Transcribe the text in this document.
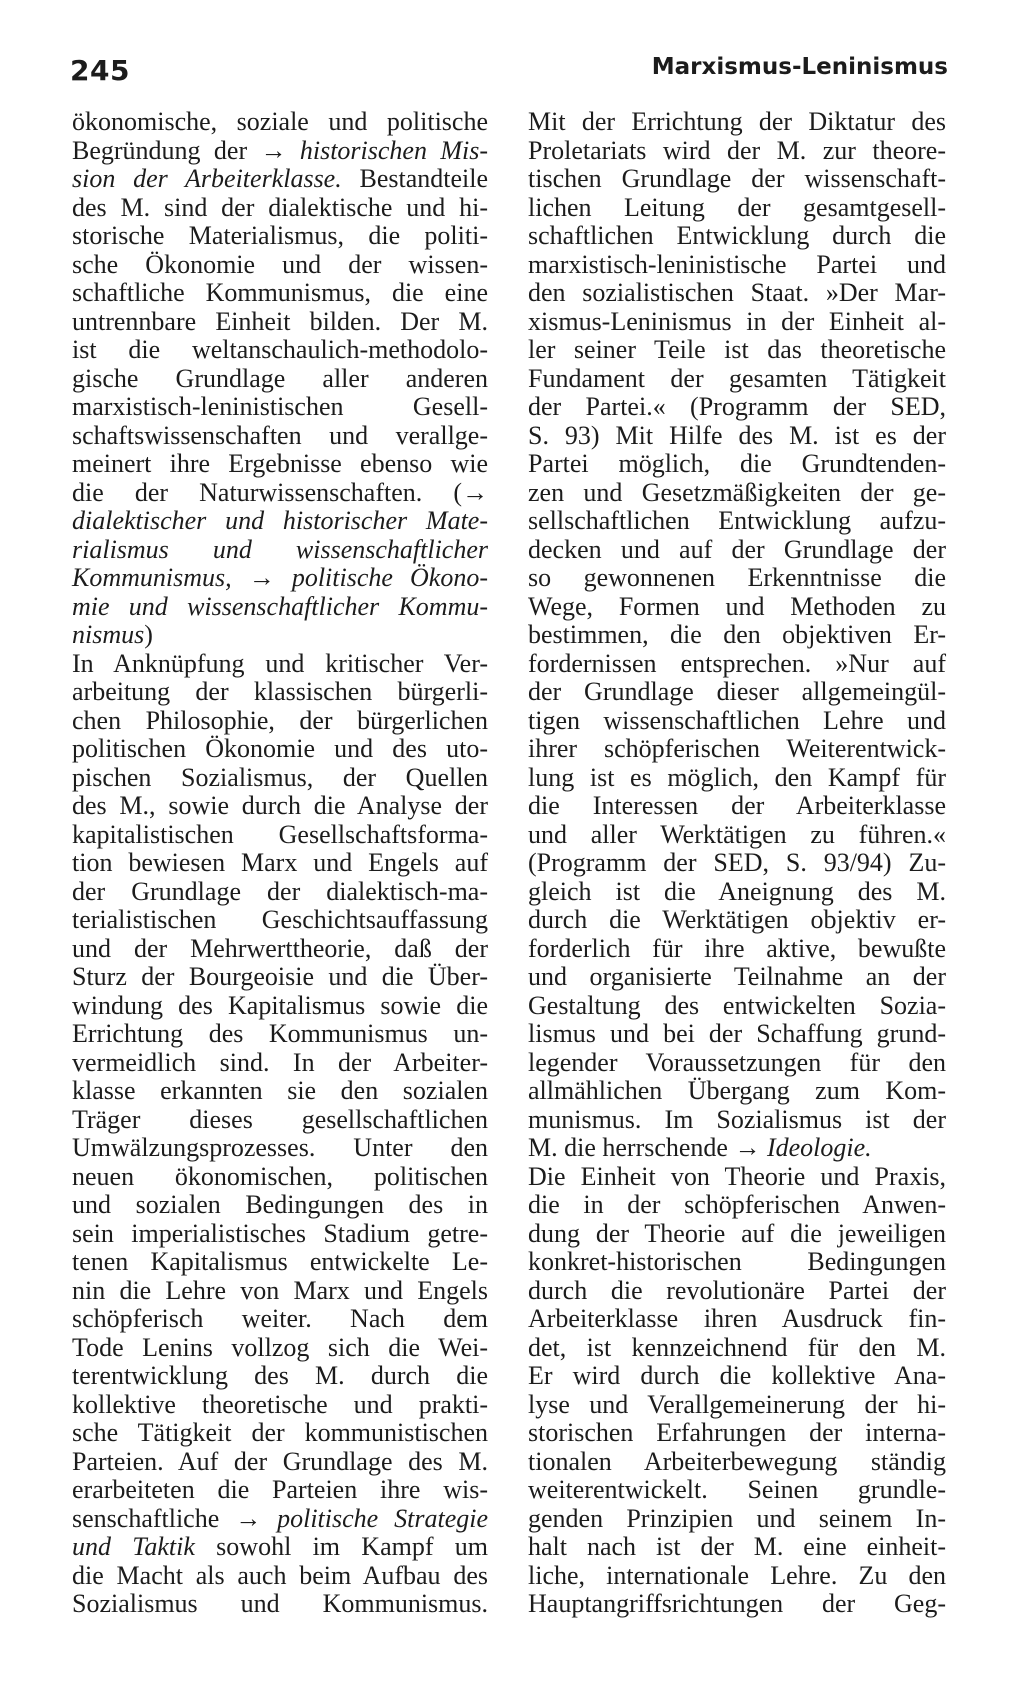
245	Marxismus-Leninismus
ökonomische, soziale und politische
Begründung der → historischen Mis-
sion der Arbeiterklasse. Bestandteile
des M. sind der dialektische und hi-
storische Materialismus, die politi-
sche Ökonomie und der wissen-
schaftliche Kommunismus, die eine
untrennbare Einheit bilden. Der M.
ist die weltanschaulich-methodolo-
gische Grundlage aller anderen
marxistisch-leninistischen Gesell-
schaftswissenschaften und verallge-
meinert ihre Ergebnisse ebenso wie
die der Naturwissenschaften. (→
dialektischer und historischer Mate-
rialismus und wissenschaftlicher
Kommunismus, → politische Ökono-
mie und wissenschaftlicher Kommu-
nismus)
In Anknüpfung und kritischer Ver-
arbeitung der klassischen bürgerli-
chen Philosophie, der bürgerlichen
politischen Ökonomie und des uto-
pischen Sozialismus, der Quellen
des M., sowie durch die Analyse der
kapitalistischen Gesellschaftsforma-
tion bewiesen Marx und Engels auf
der Grundlage der dialektisch-ma-
terialistischen Geschichtsauffassung
und der Mehrwerttheorie, daß der
Sturz der Bourgeoisie und die Über-
windung des Kapitalismus sowie die
Errichtung des Kommunismus un-
vermeidlich sind. In der Arbeiter-
klasse erkannten sie den sozialen
Träger dieses gesellschaftlichen
Umwälzungsprozesses. Unter den
neuen ökonomischen, politischen
und sozialen Bedingungen des in
sein imperialistisches Stadium getre-
tenen Kapitalismus entwickelte Le-
nin die Lehre von Marx und Engels
schöpferisch weiter. Nach dem
Tode Lenins vollzog sich die Wei-
terentwicklung des M. durch die
kollektive theoretische und prakti-
sche Tätigkeit der kommunistischen
Parteien. Auf der Grundlage des M.
erarbeiteten die Parteien ihre wis-
senschaftliche → politische Strategie
und Taktik sowohl im Kampf um
die Macht als auch beim Aufbau des
Sozialismus und Kommunismus.
Mit der Errichtung der Diktatur des
Proletariats wird der M. zur theore-
tischen Grundlage der wissenschaft-
lichen Leitung der gesamtgesell-
schaftlichen Entwicklung durch die
marxistisch-leninistische Partei und
den sozialistischen Staat. »Der Mar-
xismus-Leninismus in der Einheit al-
ler seiner Teile ist das theoretische
Fundament der gesamten Tätigkeit
der Partei.« (Programm der SED,
S. 93) Mit Hilfe des M. ist es der
Partei möglich, die Grundtenden-
zen und Gesetzmäßigkeiten der ge-
sellschaftlichen Entwicklung aufzu-
decken und auf der Grundlage der
so gewonnenen Erkenntnisse die
Wege, Formen und Methoden zu
bestimmen, die den objektiven Er-
fordernissen entsprechen. »Nur auf
der Grundlage dieser allgemeingül-
tigen wissenschaftlichen Lehre und
ihrer schöpferischen Weiterentwick-
lung ist es möglich, den Kampf für
die Interessen der Arbeiterklasse
und aller Werktätigen zu führen.«
(Programm der SED, S. 93/94) Zu-
gleich ist die Aneignung des M.
durch die Werktätigen objektiv er-
forderlich für ihre aktive, bewußte
und organisierte Teilnahme an der
Gestaltung des entwickelten Sozia-
lismus und bei der Schaffung grund-
legender Voraussetzungen für den
allmählichen Übergang zum Kom-
munismus. Im Sozialismus ist der
M. die herrschende → Ideologie.
Die Einheit von Theorie und Praxis,
die in der schöpferischen Anwen-
dung der Theorie auf die jeweiligen
konkret-historischen Bedingungen
durch die revolutionäre Partei der
Arbeiterklasse ihren Ausdruck fin-
det, ist kennzeichnend für den M.
Er wird durch die kollektive Ana-
lyse und Verallgemeinerung der hi-
storischen Erfahrungen der interna-
tionalen Arbeiterbewegung ständig
weiterentwickelt. Seinen grundle-
genden Prinzipien und seinem In-
halt nach ist der M. eine einheit-
liche, internationale Lehre. Zu den
Hauptangriffsrichtungen der Geg-
